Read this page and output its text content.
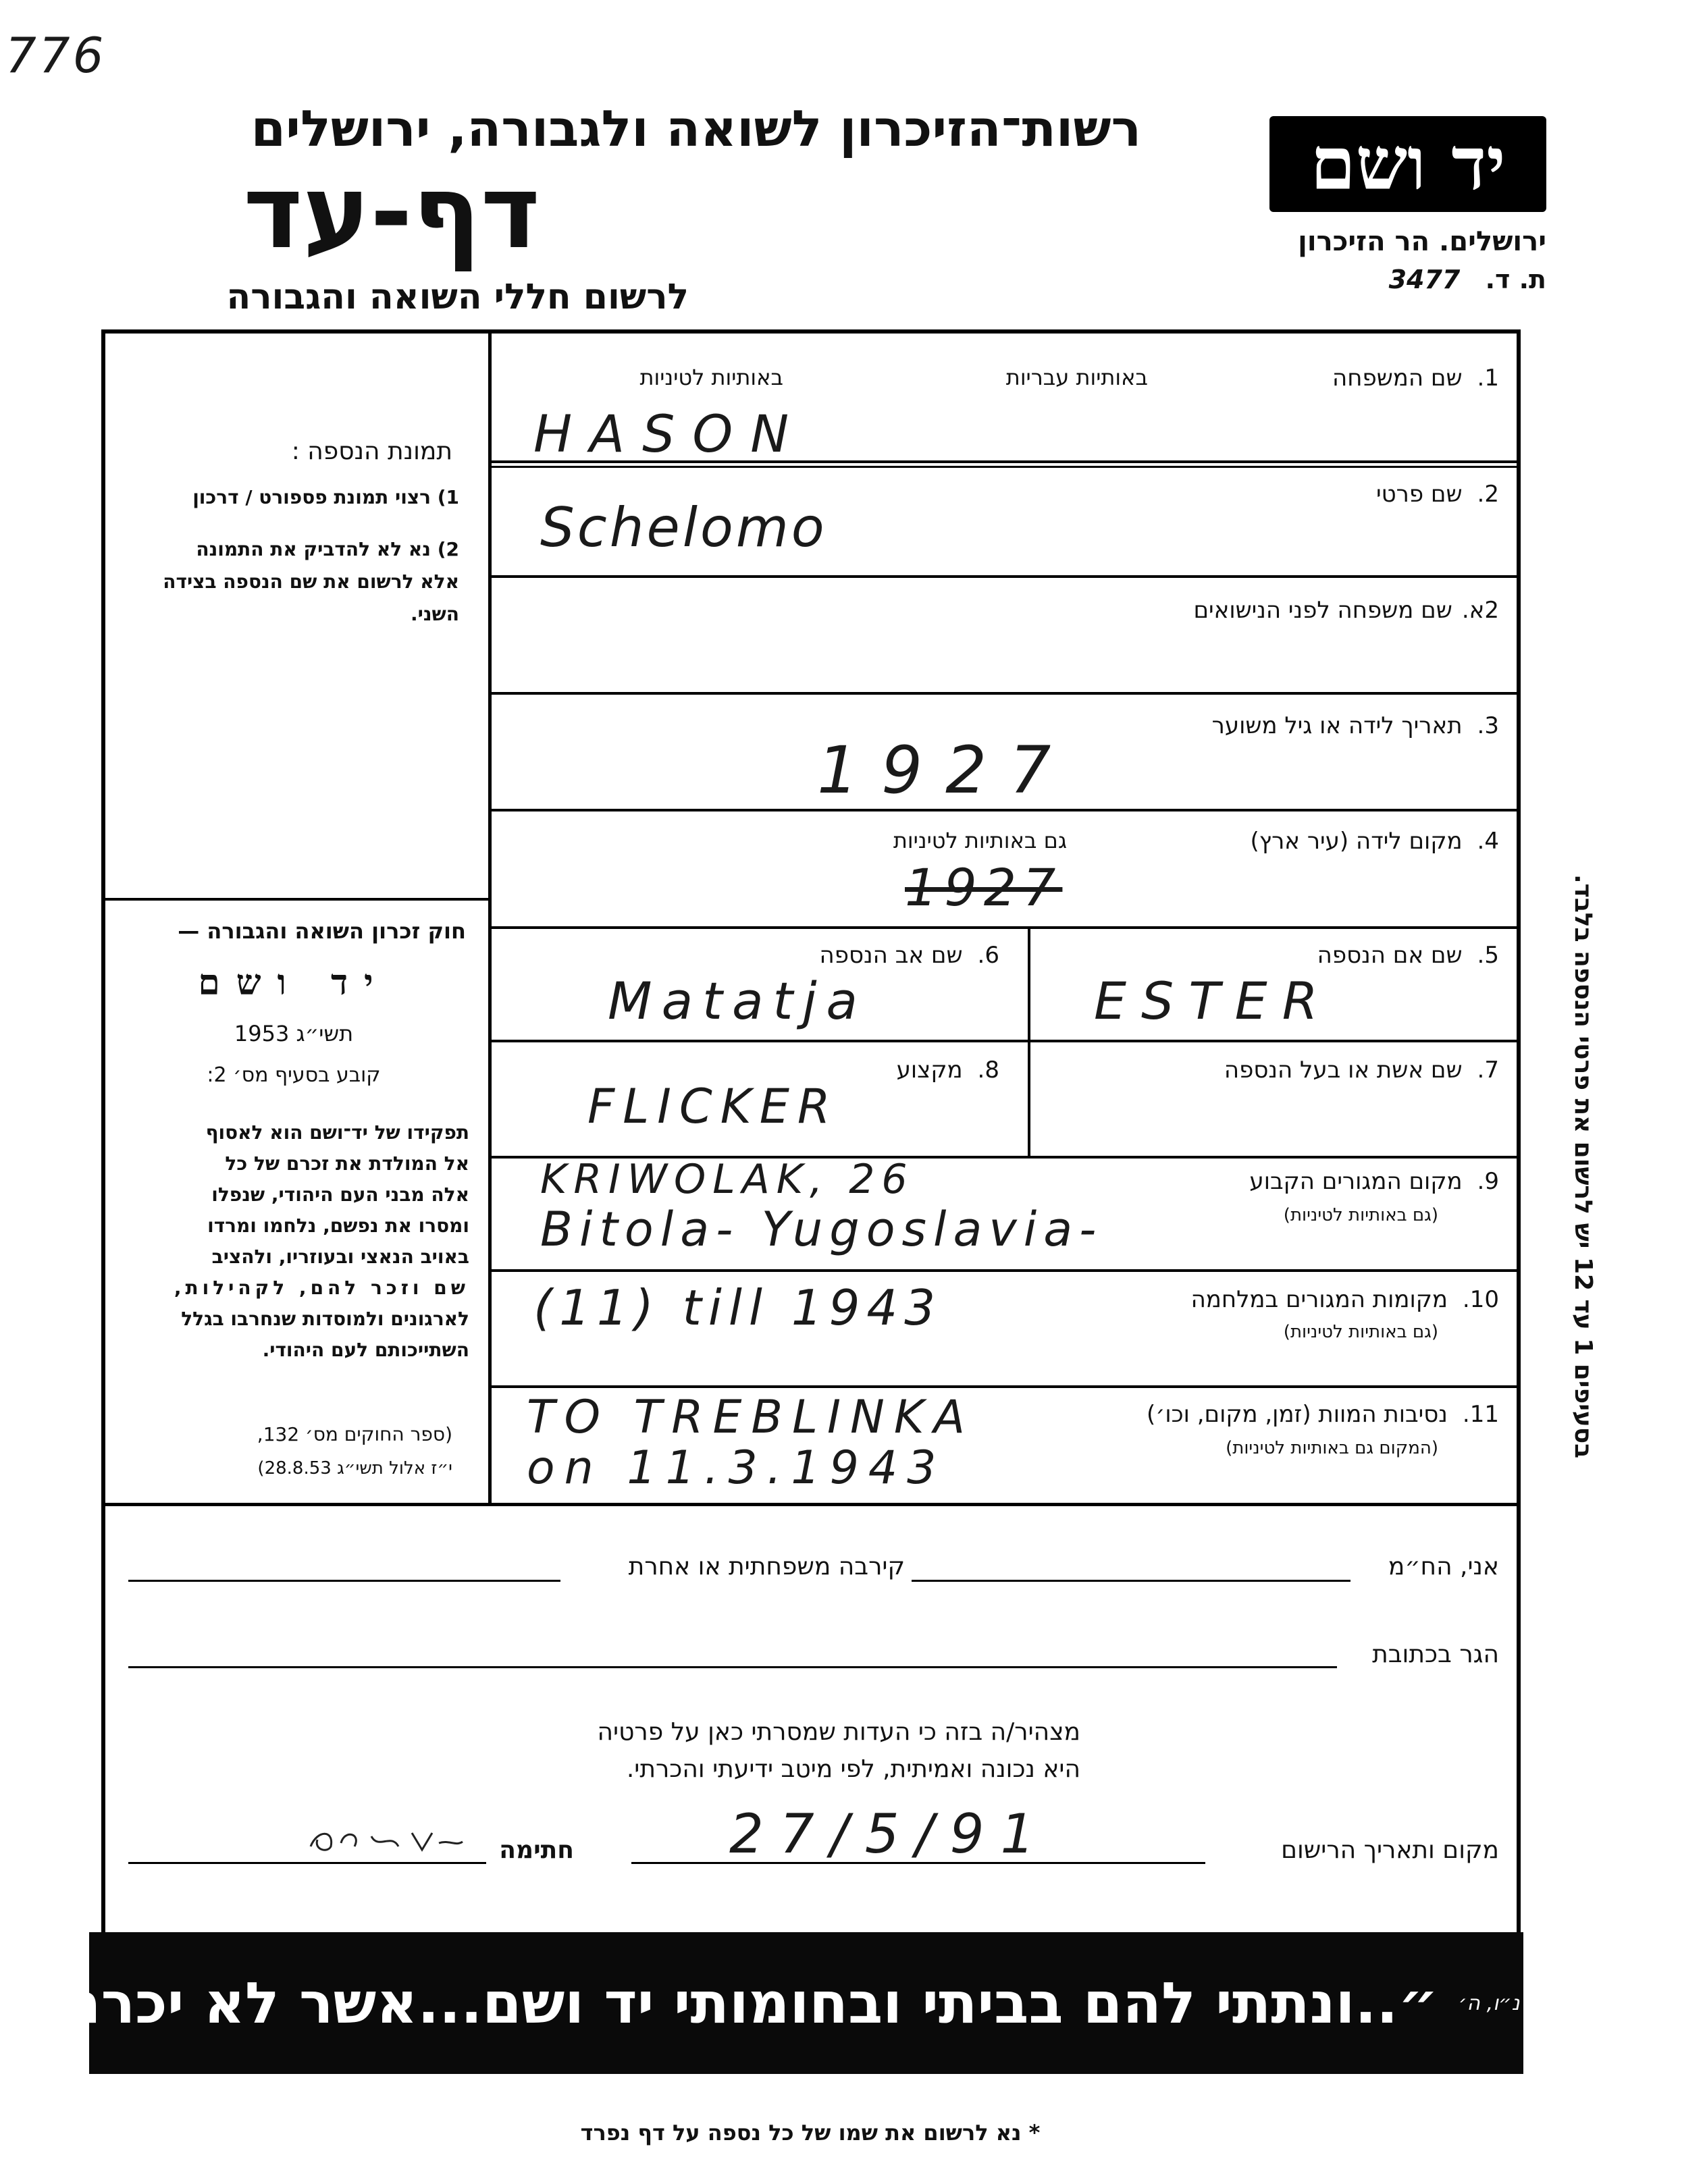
776
רשות־הזיכרון לשואה ולגבורה, ירושלים
דף-עד
לרשום חללי השואה והגבורה
יד ושם
ירושלים. הר הזיכרון
ת. ד. 3477
תמונת הנספה :
1) רצוי תמונת פספורט / דרכון
2) נא לא להדביק את התמונה
אלא לרשום את שם הנספה בצידה
השני.
חוק זכרון השואה והגבורה —
יד ושם
תשי״ג 1953
קובע בסעיף מס׳ 2:
תפקידו של יד־ושם הוא לאסוף
אל המולדת את זכרם של כל
אלה מבני העם היהודי, שנפלו
ומסרו את נפשם, נלחמו ומרדו
באויב הנאצי ובעוזריו, ולהציב
שם וזכר להם, לקהילות,
לארגונים ולמוסדות שנחרבו בגלל
השתייכותם לעם היהודי.
(ספר החוקים מס׳ 132,
י״ז אלול תשי״ג 28.8.53)
1.שם המשפחה
באותיות עבריות
באותיות לטיניות
HASON
2.שם פרטי
Schelomo
2א.שם משפחה לפני הנישואים
3.תאריך לידה או גיל משוער
1927
4.מקום לידה (עיר ארץ)
גם באותיות לטיניות
1927
5.שם אם הנספה
ESTER
6.שם אב הנספה
Matatja
7.שם אשת או בעל הנספה
8.מקצוע
FLICKER
9.מקום המגורים הקבוע
(גם באותיות לטיניות)
KRIWOLAK, 26
Bitola- Yugoslavia-
10.מקומות המגורים במלחמה
(גם באותיות לטיניות)
(11) till 1943
11.נסיבות המוות (זמן, מקום, וכו׳)
(המקום גם באותיות לטיניות)
TO TREBLINKA
on 11.3.1943
בסעיפים 1 עד 12 יש לרשום את פרטי הנספה בלבד.
אני, הח״מ
קירבה משפחתית או אחרת
הגר בכתובת
מצהיר/ה בזה כי העדות שמסרתי כאן על פרטיה
היא נכונה ואמיתית, לפי מיטב ידיעתי והכרתי.
מקום ותאריך הרישום
27/5/91
חתימה
ישעיהו נ״ו, ה׳
״..ונתתי להם בביתי ובחומותי יד ושם...אשר לא יכרת״
* נא לרשום את שמו של כל נספה על דף נפרד
